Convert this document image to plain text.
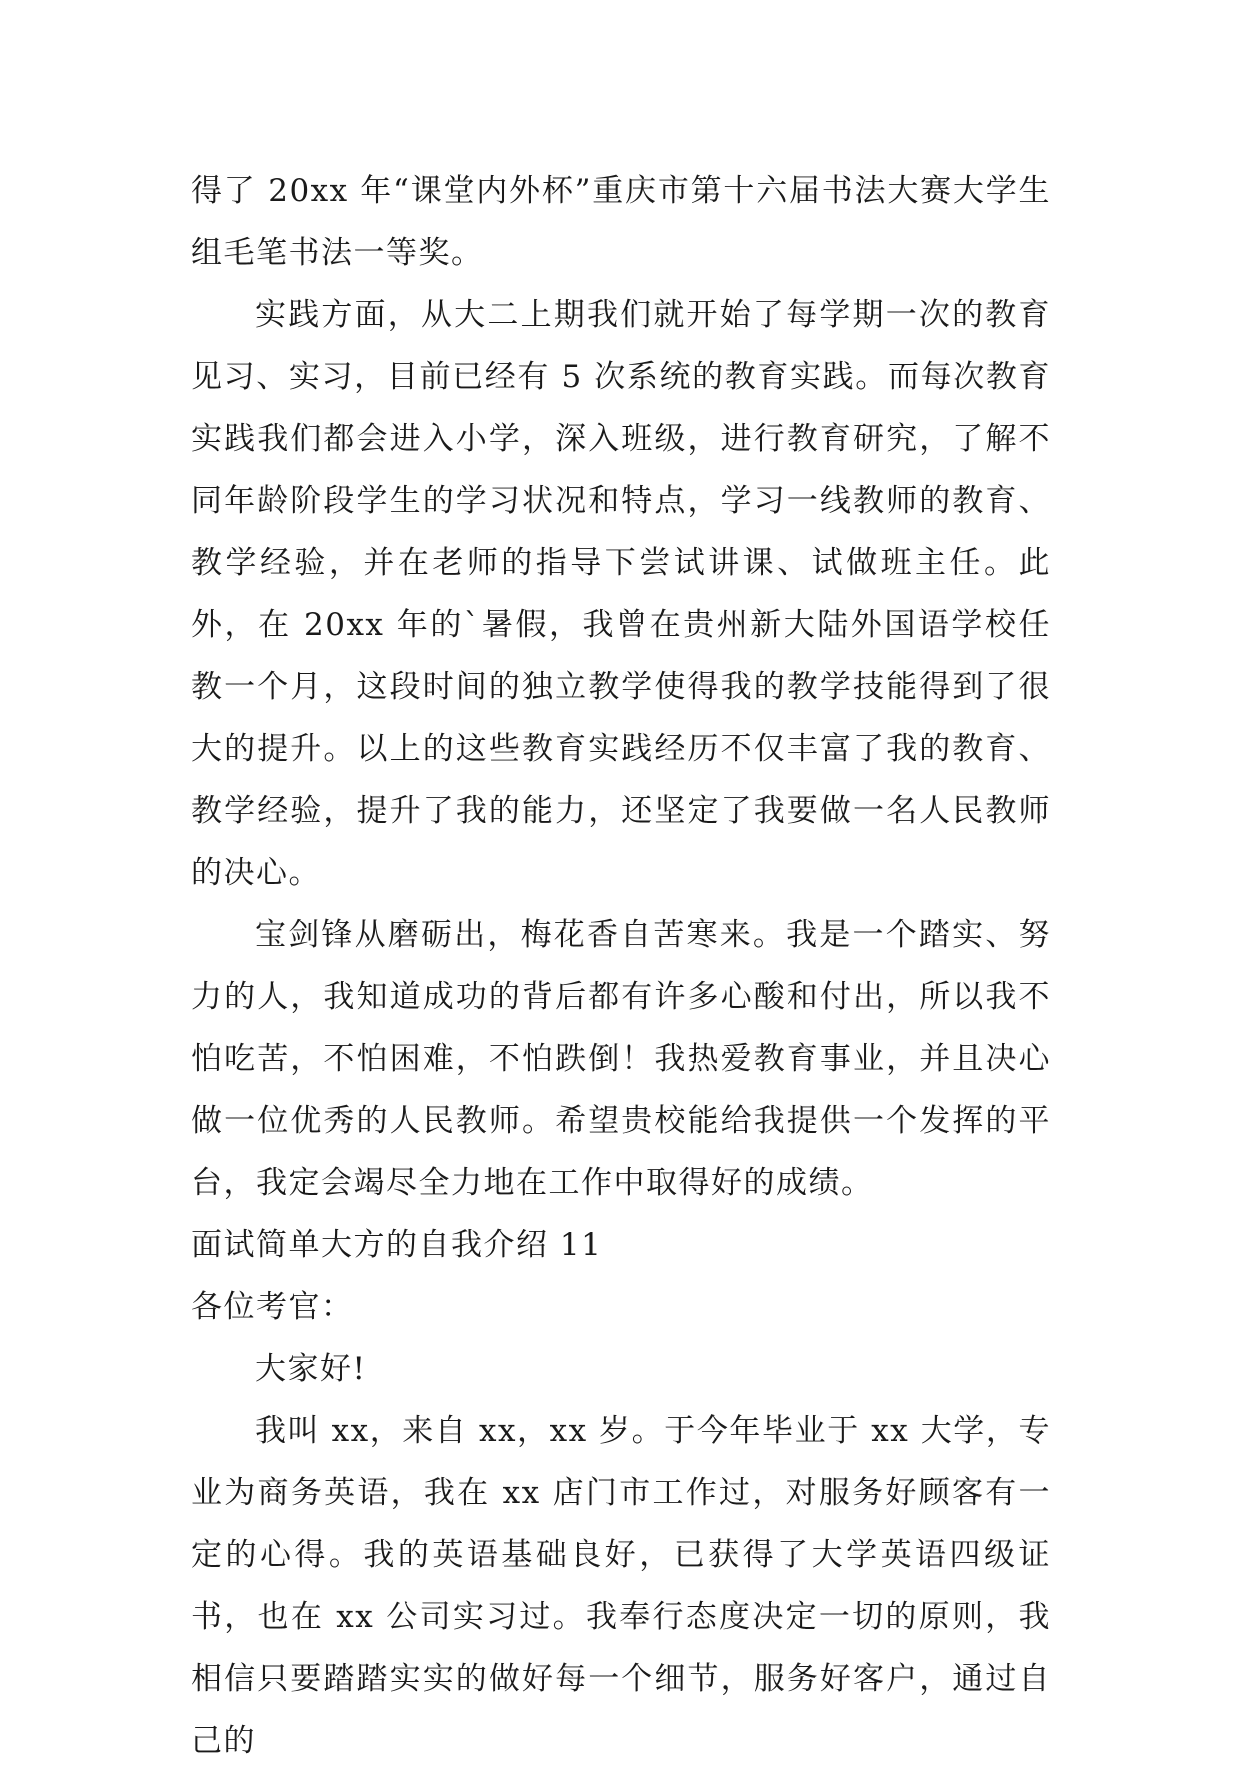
得了 20xx 年“课堂内外杯”重庆市第十六届书法大赛大学生组毛笔书法一等奖。

实践方面，从大二上期我们就开始了每学期一次的教育见习、实习，目前已经有 5 次系统的教育实践。而每次教育实践我们都会进入小学，深入班级，进行教育研究，了解不同年龄阶段学生的学习状况和特点，学习一线教师的教育、教学经验，并在老师的指导下尝试讲课、试做班主任。此外，在 20xx 年的`暑假，我曾在贵州新大陆外国语学校任教一个月，这段时间的独立教学使得我的教学技能得到了很大的提升。以上的这些教育实践经历不仅丰富了我的教育、教学经验，提升了我的能力，还坚定了我要做一名人民教师的决心。

宝剑锋从磨砺出，梅花香自苦寒来。我是一个踏实、努力的人，我知道成功的背后都有许多心酸和付出，所以我不怕吃苦，不怕困难，不怕跌倒！我热爱教育事业，并且决心做一位优秀的人民教师。希望贵校能给我提供一个发挥的平台，我定会竭尽全力地在工作中取得好的成绩。

面试简单大方的自我介绍 11

各位考官：

大家好!

我叫 xx，来自 xx，xx 岁。于今年毕业于 xx 大学，专业为商务英语，我在 xx 店门市工作过，对服务好顾客有一定的心得。我的英语基础良好，已获得了大学英语四级证书，也在 xx 公司实习过。我奉行态度决定一切的原则，我相信只要踏踏实实的做好每一个细节，服务好客户，通过自己的
